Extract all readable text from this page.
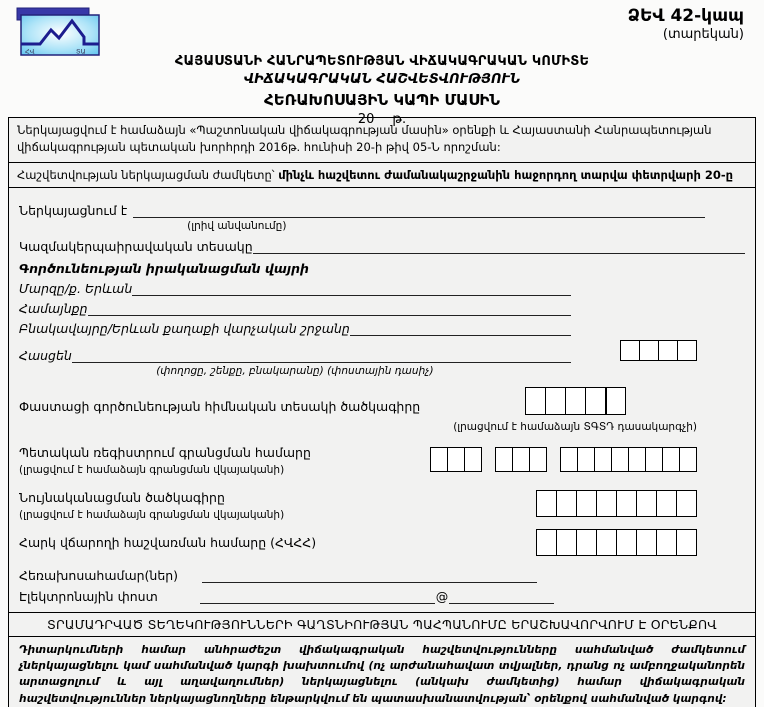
ՀՎ	ՏԱ
ՁԵՎ 42-կապ
(տարեկան)
ՀԱՅԱՍՏԱՆԻ ՀԱՆՐԱՊԵՏՈՒԹՅԱՆ ՎԻՃԱԿԱԳՐԱԿԱՆ ԿՈՄԻՏԵ
ՎԻՃԱԿԱԳՐԱԿԱՆ ՀԱՇՎԵՏՎՈՒԹՅՈՒՆ
ՀԵՌԱԽՈՍԱՅԻՆ ԿԱՊԻ ՄԱՍԻՆ
20 թ.
Ներկայացվում է համաձայն «Պաշտոնական վիճակագրության մասին» օրենքի և Հայաստանի Հանրապետության վիճակագրության պետական խորհրդի 2016թ. հունիսի 20-ի թիվ 05-Ն որոշման:
Հաշվետվության ներկայացման ժամկետը՝ մինչև հաշվետու ժամանակաշրջանին հաջորդող տարվա փետրվարի 20-ը
Ներկայացնում է
(լրիվ անվանումը)
Կազմակերպաիրավական տեսակը
Գործունեության իրականացման վայրի
Մարզը/ք. Երևան
Համայնքը
Բնակավայրը/Երևան քաղաքի վարչական շրջանը
Հասցեն
(փողոցը, շենքը, բնակարանը) (փոստային դասիչ)
Փաստացի գործունեության հիմնական տեսակի ծածկագիրը
(լրացվում է համաձայն ՏԳՏԴ դասակարգչի)
Պետական ռեգիստրում գրանցման համարը
(լրացվում է համաձայն գրանցման վկայականի)
Նույնականացման ծածկագիրը
(լրացվում է համաձայն գրանցման վկայականի)
Հարկ վճարողի հաշվառման համարը (ՀՎՀՀ)
Հեռախոսահամար(ներ)
Էլեկտրոնային փոստ	@
ՏՐԱՄԱԴՐՎԱԾ ՏԵՂԵԿՈՒԹՅՈՒՆՆԵՐԻ ԳԱՂՏՆԻՈՒԹՅԱՆ ՊԱՀՊԱՆՈՒՄԸ ԵՐԱՇԽԱՎՈՐՎՈՒՄ Է ՕՐԵՆՔՈՎ
Դիտարկումների համար անհրաժեշտ վիճակագրական հաշվետվությունները սահմանված ժամկետում չներկայացնելու կամ սահմանված կարգի խախտումով (ոչ արժանահավատ տվյալներ, դրանց ոչ ամբողջականորեն արտացոլում և այլ աղավաղումներ) ներկայացնելու (անկախ ժամկետից) համար վիճակագրական հաշվետվություններ ներկայացնողները ենթարկվում են պատասխանատվության՝ օրենքով սահմանված կարգով:
